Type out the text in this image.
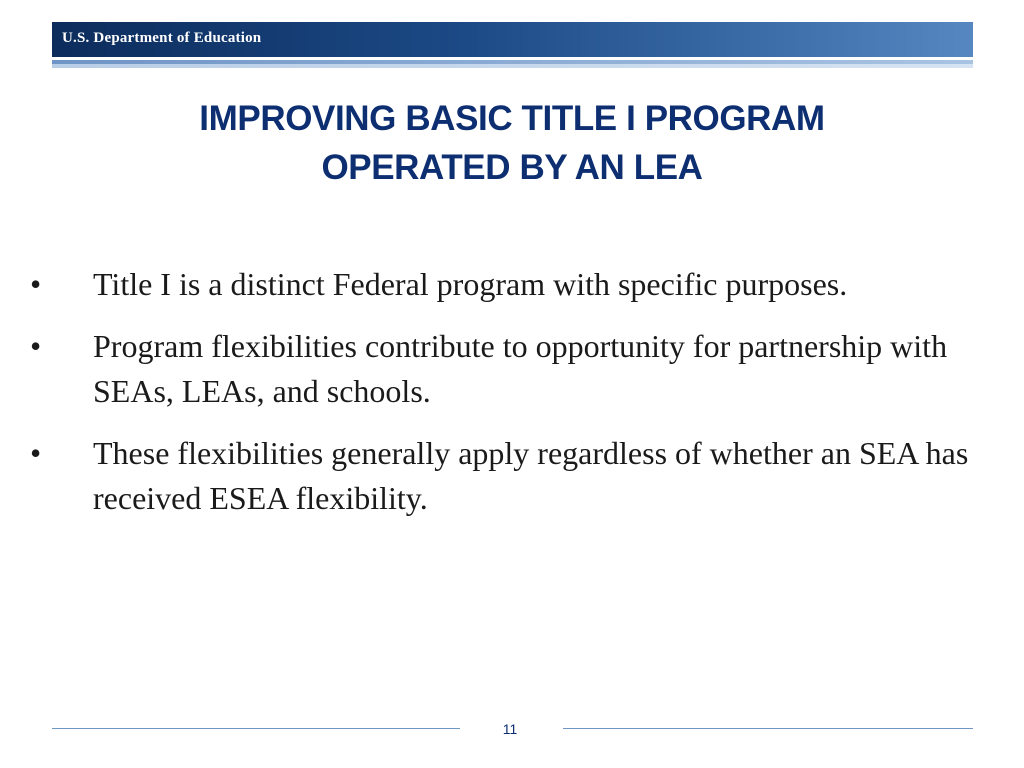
U.S. Department of Education
IMPROVING BASIC TITLE I PROGRAM
OPERATED BY AN LEA
•	Title I is a distinct Federal program with specific purposes.
•	Program flexibilities contribute to opportunity for partnership with SEAs, LEAs, and schools.
•	These flexibilities generally apply regardless of whether an SEA has received ESEA flexibility.
11
